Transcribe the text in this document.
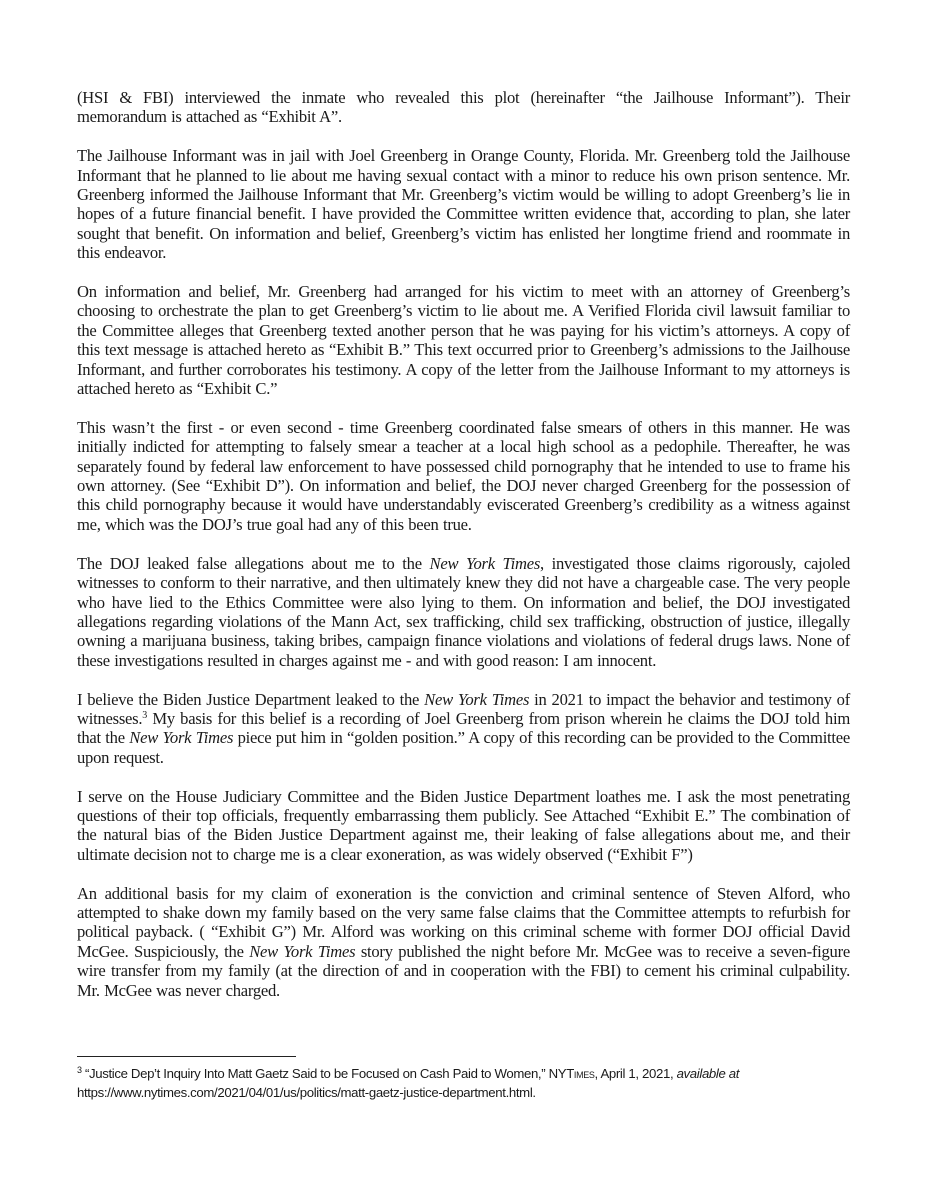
(HSI & FBI) interviewed the inmate who revealed this plot (hereinafter “the Jailhouse Informant”). Their memorandum is attached as “Exhibit A”.

The Jailhouse Informant was in jail with Joel Greenberg in Orange County, Florida. Mr. Greenberg told the Jailhouse Informant that he planned to lie about me having sexual contact with a minor to reduce his own prison sentence. Mr. Greenberg informed the Jailhouse Informant that Mr. Greenberg’s victim would be willing to adopt Greenberg’s lie in hopes of a future financial benefit. I have provided the Committee written evidence that, according to plan, she later sought that benefit. On information and belief, Greenberg’s victim has enlisted her longtime friend and roommate in this endeavor.

On information and belief, Mr. Greenberg had arranged for his victim to meet with an attorney of Greenberg’s choosing to orchestrate the plan to get Greenberg’s victim to lie about me. A Verified Florida civil lawsuit familiar to the Committee alleges that Greenberg texted another person that he was paying for his victim’s attorneys. A copy of this text message is attached hereto as “Exhibit B.” This text occurred prior to Greenberg’s admissions to the Jailhouse Informant, and further corroborates his testimony. A copy of the letter from the Jailhouse Informant to my attorneys is attached hereto as “Exhibit C.”

This wasn’t the first - or even second - time Greenberg coordinated false smears of others in this manner. He was initially indicted for attempting to falsely smear a teacher at a local high school as a pedophile. Thereafter, he was separately found by federal law enforcement to have possessed child pornography that he intended to use to frame his own attorney. (See “Exhibit D”). On information and belief, the DOJ never charged Greenberg for the possession of this child pornography because it would have understandably eviscerated Greenberg’s credibility as a witness against me, which was the DOJ’s true goal had any of this been true.

The DOJ leaked false allegations about me to the New York Times, investigated those claims rigorously, cajoled witnesses to conform to their narrative, and then ultimately knew they did not have a chargeable case. The very people who have lied to the Ethics Committee were also lying to them. On information and belief, the DOJ investigated allegations regarding violations of the Mann Act, sex trafficking, child sex trafficking, obstruction of justice, illegally owning a marijuana business, taking bribes, campaign finance violations and violations of federal drugs laws. None of these investigations resulted in charges against me - and with good reason: I am innocent.

I believe the Biden Justice Department leaked to the New York Times in 2021 to impact the behavior and testimony of witnesses.$^3$ My basis for this belief is a recording of Joel Greenberg from prison wherein he claims the DOJ told him that the New York Times piece put him in “golden position.” A copy of this recording can be provided to the Committee upon request.

I serve on the House Judiciary Committee and the Biden Justice Department loathes me. I ask the most penetrating questions of their top officials, frequently embarrassing them publicly. See Attached “Exhibit E.” The combination of the natural bias of the Biden Justice Department against me, their leaking of false allegations about me, and their ultimate decision not to charge me is a clear exoneration, as was widely observed (“Exhibit F”)

An additional basis for my claim of exoneration is the conviction and criminal sentence of Steven Alford, who attempted to shake down my family based on the very same false claims that the Committee attempts to refurbish for political payback. ( “Exhibit G”) Mr. Alford was working on this criminal scheme with former DOJ official David McGee. Suspiciously, the New York Times story published the night before Mr. McGee was to receive a seven-figure wire transfer from my family (at the direction of and in cooperation with the FBI) to cement his criminal culpability. Mr. McGee was never charged.

$^3$ “Justice Dep’t Inquiry Into Matt Gaetz Said to be Focused on Cash Paid to Women,” NYTimes, April 1, 2021, available at
https://www.nytimes.com/2021/04/01/us/politics/matt-gaetz-justice-department.html.
